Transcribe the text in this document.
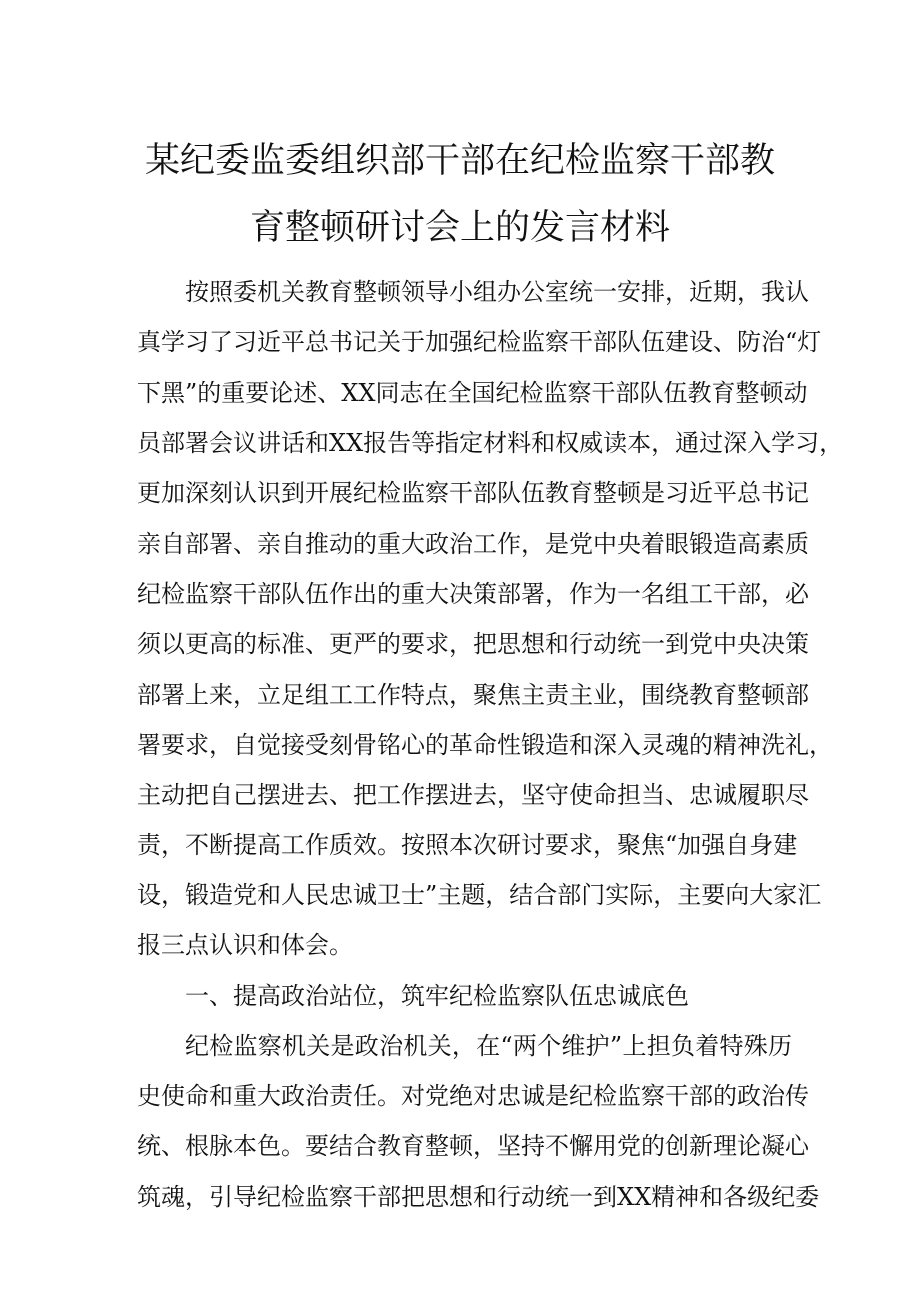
某纪委监委组织部干部在纪检监察干部教
育整顿研讨会上的发言材料
按照委机关教育整顿领导小组办公室统一安排，近期，我认
真学习了习近平总书记关于加强纪检监察干部队伍建设、防治“灯
下黑”的重要论述、XX同志在全国纪检监察干部队伍教育整顿动
员部署会议讲话和XX报告等指定材料和权威读本，通过深入学习，
更加深刻认识到开展纪检监察干部队伍教育整顿是习近平总书记
亲自部署、亲自推动的重大政治工作，是党中央着眼锻造高素质
纪检监察干部队伍作出的重大决策部署，作为一名组工干部，必
须以更高的标准、更严的要求，把思想和行动统一到党中央决策
部署上来，立足组工工作特点，聚焦主责主业，围绕教育整顿部
署要求，自觉接受刻骨铭心的革命性锻造和深入灵魂的精神洗礼，
主动把自己摆进去、把工作摆进去，坚守使命担当、忠诚履职尽
责，不断提高工作质效。按照本次研讨要求，聚焦“加强自身建
设，锻造党和人民忠诚卫士”主题，结合部门实际，主要向大家汇
报三点认识和体会。
一、提高政治站位，筑牢纪检监察队伍忠诚底色
纪检监察机关是政治机关，在“两个维护”上担负着特殊历
史使命和重大政治责任。对党绝对忠诚是纪检监察干部的政治传
统、根脉本色。要结合教育整顿，坚持不懈用党的创新理论凝心
筑魂，引导纪检监察干部把思想和行动统一到XX精神和各级纪委
